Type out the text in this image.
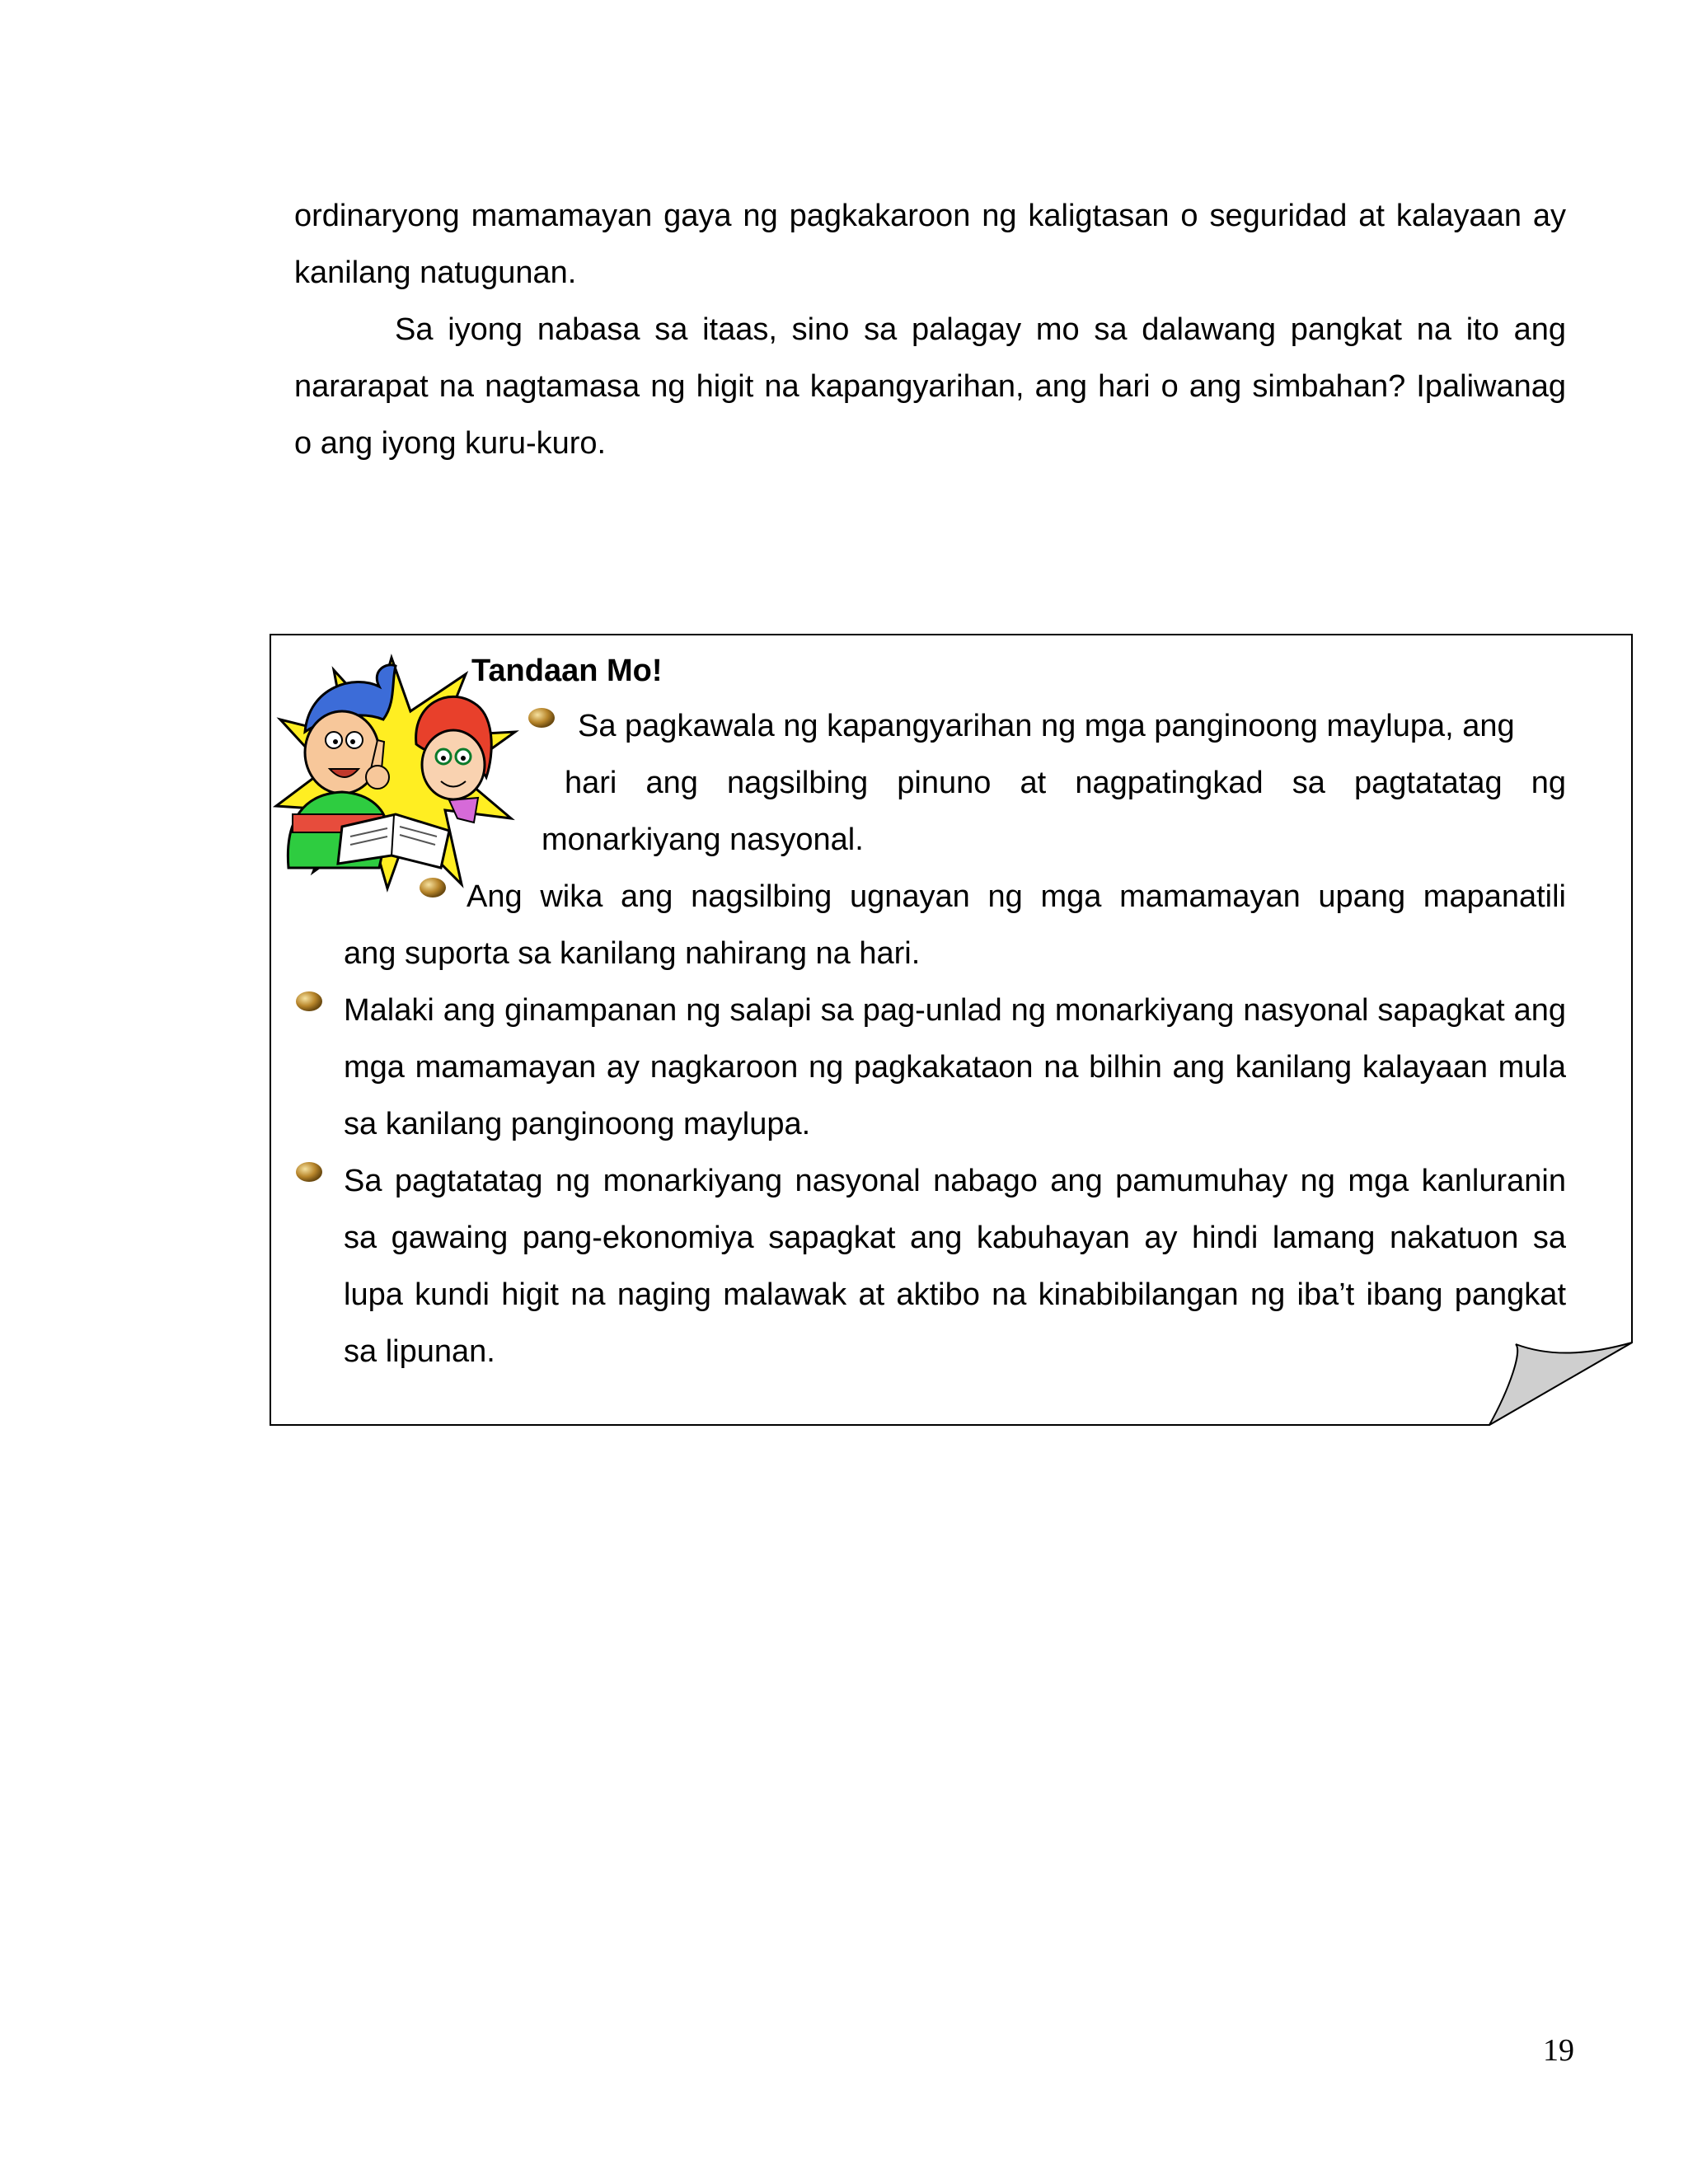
ordinaryong mamamayan gaya ng pagkakaroon ng kaligtasan o seguridad at kalayaan ay kanilang natugunan.

Sa iyong nabasa sa itaas, sino sa palagay mo sa dalawang pangkat na ito ang nararapat na nagtamasa ng higit na kapangyarihan, ang hari o ang simbahan? Ipaliwanag o ang iyong kuru-kuro.

Tandaan Mo!

Sa pagkawala ng kapangyarihan ng mga panginoong maylupa, ang

hari ang nagsilbing pinuno at nagpatingkad sa pagtatatag ng

monarkiyang nasyonal.

Ang wika ang nagsilbing ugnayan ng mga mamamayan upang mapanatili

ang suporta sa kanilang nahirang na hari.

Malaki ang ginampanan ng salapi sa pag-unlad ng monarkiyang nasyonal sapagkat ang mga mamamayan ay nagkaroon ng pagkakataon na bilhin ang kanilang kalayaan mula sa kanilang panginoong maylupa.

Sa pagtatatag ng monarkiyang nasyonal nabago ang pamumuhay ng mga kanluranin sa gawaing pang-ekonomiya sapagkat ang kabuhayan ay hindi lamang nakatuon sa lupa kundi higit na naging malawak at aktibo na kinabibilangan ng iba’t ibang pangkat sa lipunan.

19
